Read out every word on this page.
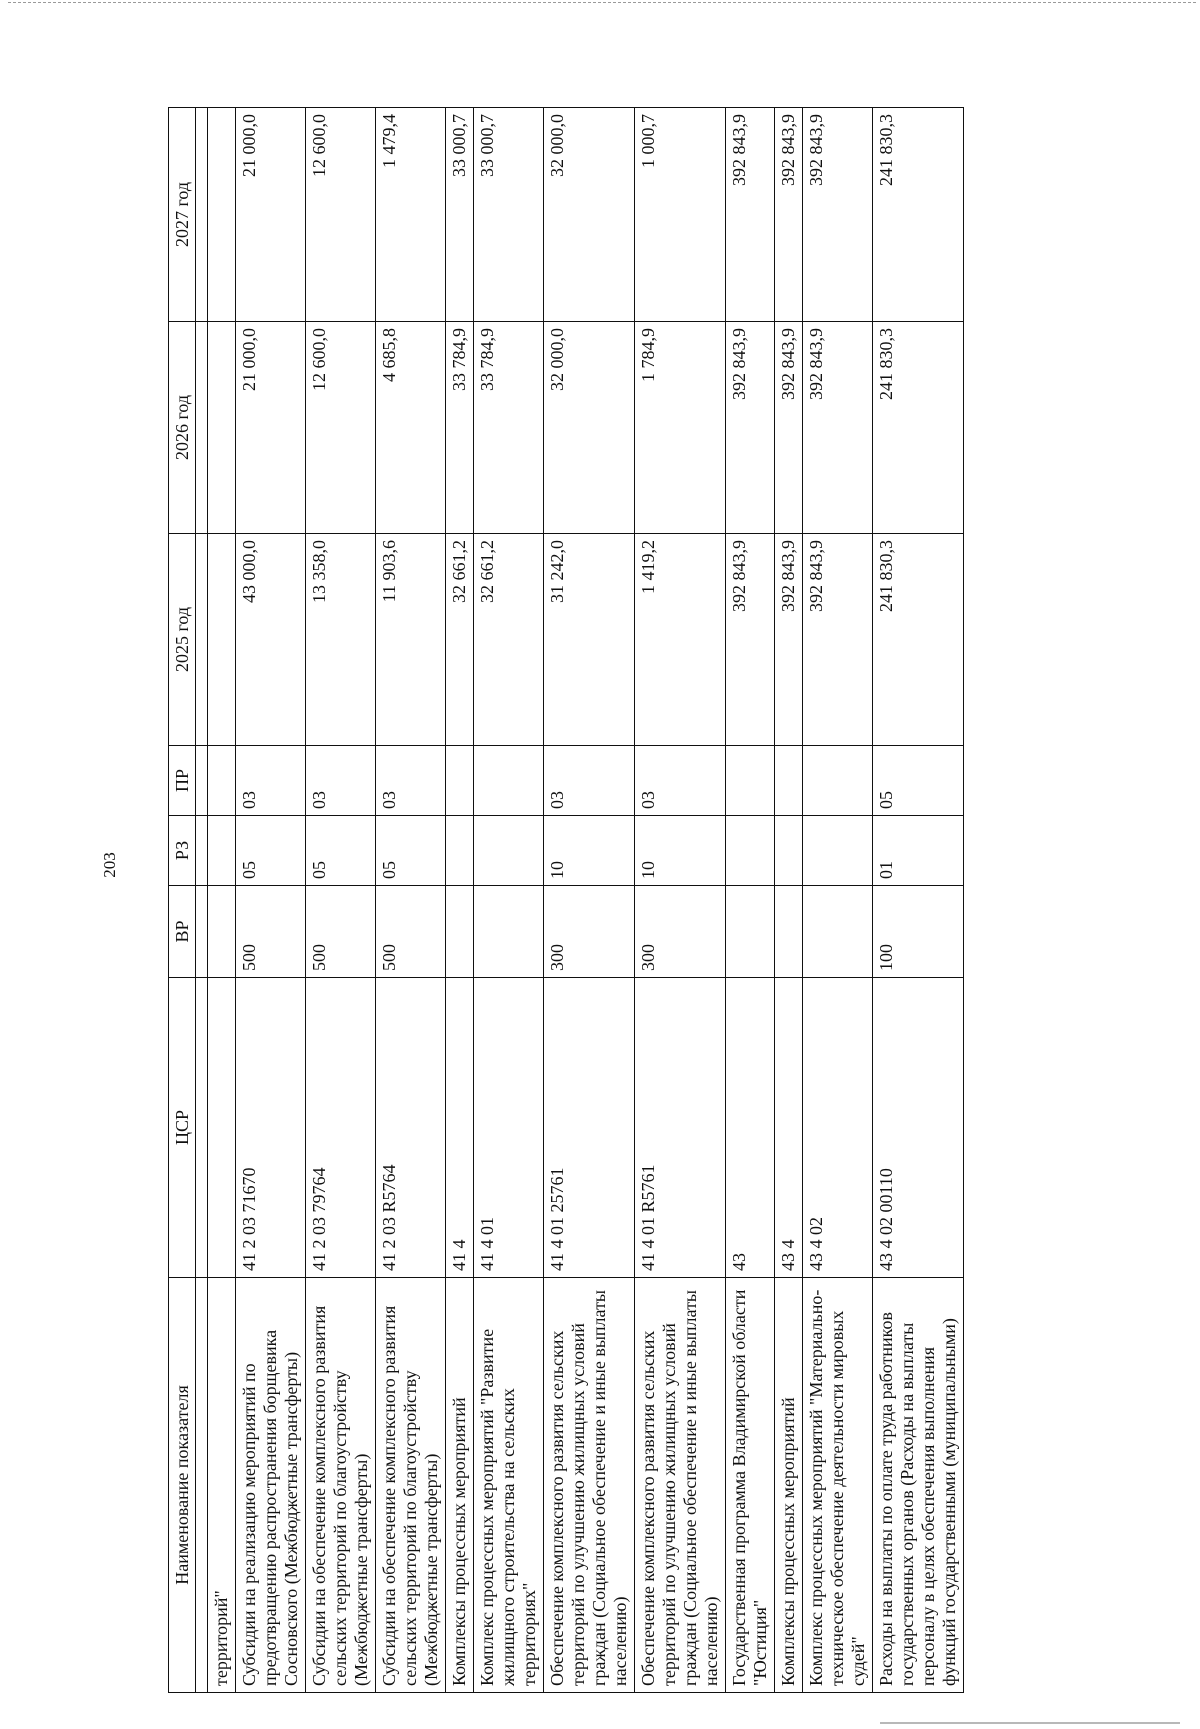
203
Наименование показателя	ЦСР	ВР	РЗ	ПР	2025 год	2026 год	2027 год

территорий"							
Субсидии на реализацию мероприятий по предотвращению распространения борщевика Сосновского (Межбюджетные трансферты)	41 2 03 71670	500	05	03	43 000,0	21 000,0	21 000,0
Субсидии на обеспечение комплексного развития сельских территорий по благоустройству (Межбюджетные трансферты)	41 2 03 79764	500	05	03	13 358,0	12 600,0	12 600,0
Субсидии на обеспечение комплексного развития сельских территорий по благоустройству (Межбюджетные трансферты)	41 2 03 R5764	500	05	03	11 903,6	4 685,8	1 479,4
Комплексы процессных мероприятий	41 4				32 661,2	33 784,9	33 000,7
Комплекс процессных мероприятий "Развитие жилищного строительства на сельских территориях"	41 4 01				32 661,2	33 784,9	33 000,7
Обеспечение комплексного развития сельских территорий по улучшению жилищных условий граждан (Социальное обеспечение и иные выплаты населению)	41 4 01 25761	300	10	03	31 242,0	32 000,0	32 000,0
Обеспечение комплексного развития сельских территорий по улучшению жилищных условий граждан (Социальное обеспечение и иные выплаты населению)	41 4 01 R5761	300	10	03	1 419,2	1 784,9	1 000,7
Государственная программа Владимирской области "Юстиция"	43				392 843,9	392 843,9	392 843,9
Комплексы процессных мероприятий	43 4				392 843,9	392 843,9	392 843,9
Комплекс процессных мероприятий "Материально-техническое обеспечение деятельности мировых судей"	43 4 02				392 843,9	392 843,9	392 843,9
Расходы на выплаты по оплате труда работников государственных органов (Расходы на выплаты персоналу в целях обеспечения выполнения функций государственными (муниципальными)	43 4 02 00110	100	01	05	241 830,3	241 830,3	241 830,3
